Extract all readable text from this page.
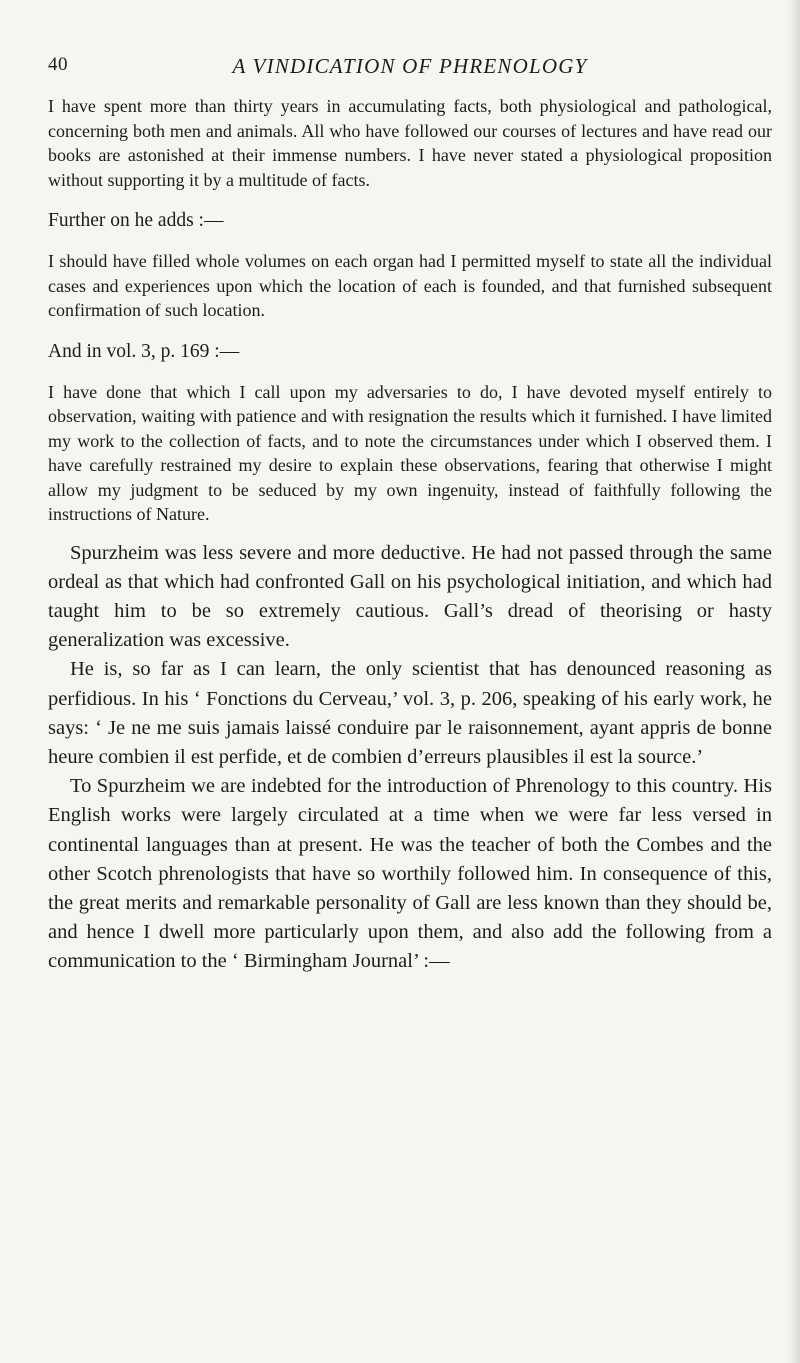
40	A VINDICATION OF PHRENOLOGY

I have spent more than thirty years in accumulating facts, both physiological and pathological, concerning both men and animals. All who have followed our courses of lectures and have read our books are astonished at their immense numbers. I have never stated a physiological proposition without supporting it by a multitude of facts.

Further on he adds :—

I should have filled whole volumes on each organ had I permitted myself to state all the individual cases and experiences upon which the location of each is founded, and that furnished subsequent confirmation of such location.

And in vol. 3, p. 169 :—

I have done that which I call upon my adversaries to do, I have devoted myself entirely to observation, waiting with patience and with resignation the results which it furnished. I have limited my work to the collection of facts, and to note the circumstances under which I observed them. I have carefully restrained my desire to explain these observations, fearing that otherwise I might allow my judgment to be seduced by my own ingenuity, instead of faithfully following the instructions of Nature.

Spurzheim was less severe and more deductive. He had not passed through the same ordeal as that which had confronted Gall on his psychological initiation, and which had taught him to be so extremely cautious. Gall’s dread of theorising or hasty generalization was excessive.

He is, so far as I can learn, the only scientist that has denounced reasoning as perfidious. In his ‘ Fonctions du Cerveau,’ vol. 3, p. 206, speaking of his early work, he says: ‘ Je ne me suis jamais laissé conduire par le raisonnement, ayant appris de bonne heure combien il est perfide, et de combien d’erreurs plausibles il est la source.’

To Spurzheim we are indebted for the introduction of Phrenology to this country. His English works were largely circulated at a time when we were far less versed in continental languages than at present. He was the teacher of both the Combes and the other Scotch phrenologists that have so worthily followed him. In consequence of this, the great merits and remarkable personality of Gall are less known than they should be, and hence I dwell more particularly upon them, and also add the following from a communication to the ‘ Birmingham Journal’ :—
